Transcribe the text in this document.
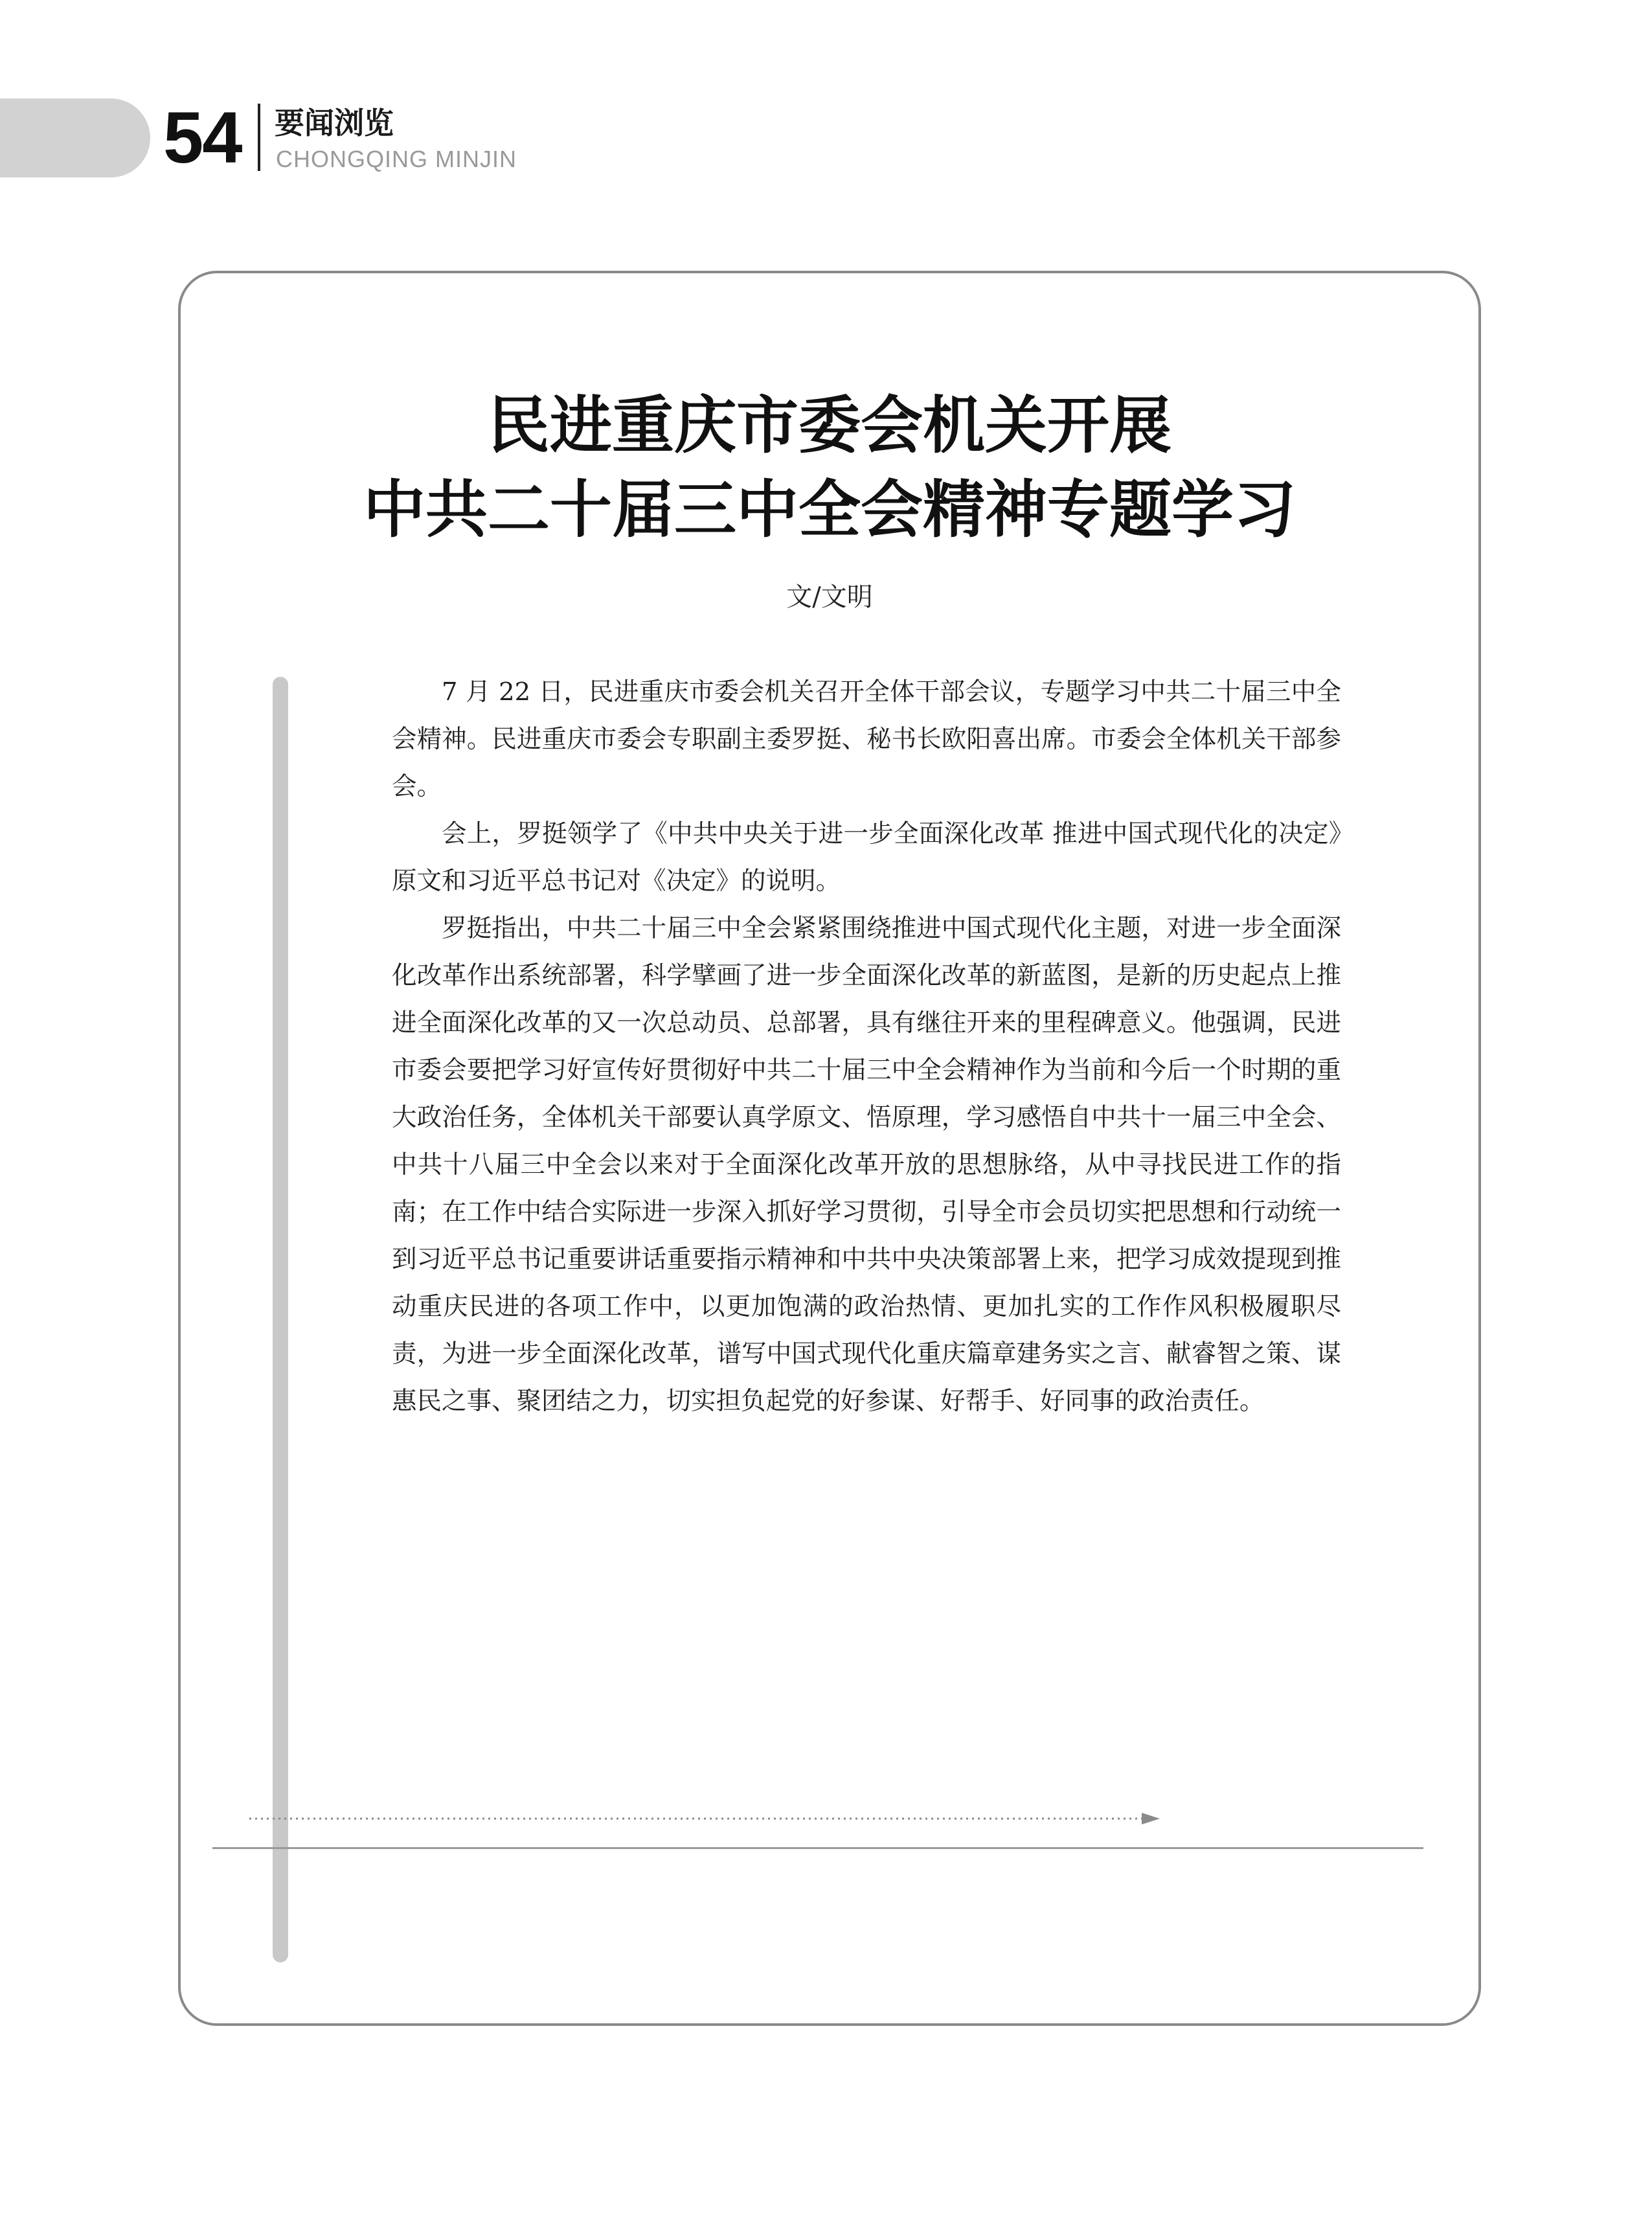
54 要闻浏览
CHONGQING MINJIN
民进重庆市委会机关开展
中共二十届三中全会精神专题学习
文/文明

7 月 22 日，民进重庆市委会机关召开全体干部会议，专题学习中共二十届三中全会精神。民进重庆市委会专职副主委罗挺、秘书长欧阳喜出席。市委会全体机关干部参会。

会上，罗挺领学了《中共中央关于进一步全面深化改革 推进中国式现代化的决定》原文和习近平总书记对《决定》的说明。

罗挺指出，中共二十届三中全会紧紧围绕推进中国式现代化主题，对进一步全面深化改革作出系统部署，科学擘画了进一步全面深化改革的新蓝图，是新的历史起点上推进全面深化改革的又一次总动员、总部署，具有继往开来的里程碑意义。他强调，民进市委会要把学习好宣传好贯彻好中共二十届三中全会精神作为当前和今后一个时期的重大政治任务，全体机关干部要认真学原文、悟原理，学习感悟自中共十一届三中全会、中共十八届三中全会以来对于全面深化改革开放的思想脉络，从中寻找民进工作的指南；在工作中结合实际进一步深入抓好学习贯彻，引导全市会员切实把思想和行动统一到习近平总书记重要讲话重要指示精神和中共中央决策部署上来，把学习成效提现到推动重庆民进的各项工作中，以更加饱满的政治热情、更加扎实的工作作风积极履职尽责，为进一步全面深化改革，谱写中国式现代化重庆篇章建务实之言、献睿智之策、谋惠民之事、聚团结之力，切实担负起党的好参谋、好帮手、好同事的政治责任。
